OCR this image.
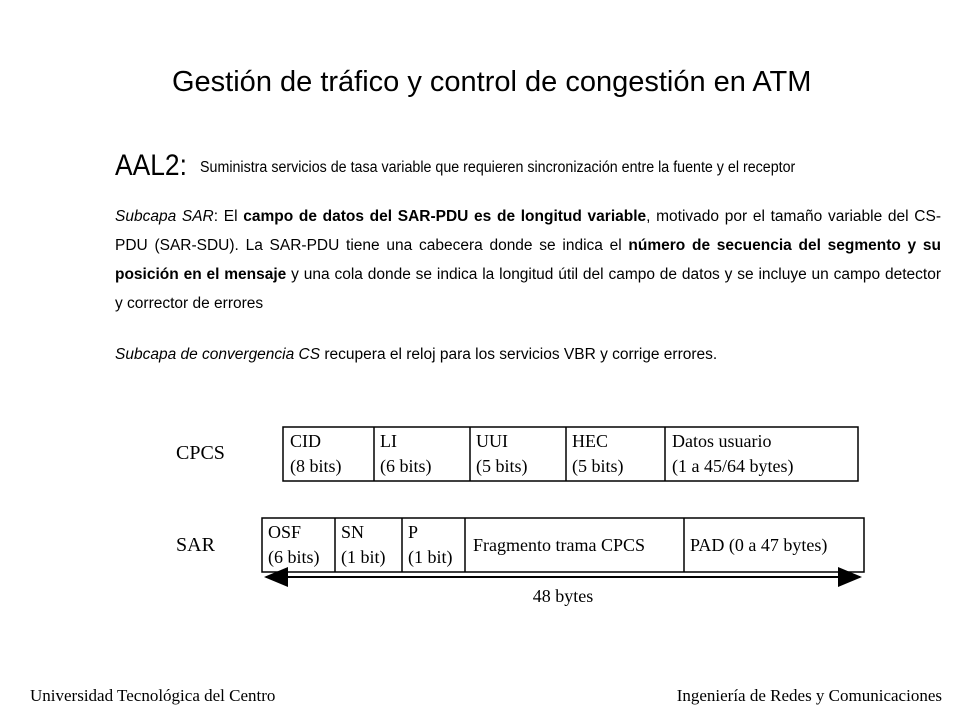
Gestión de tráfico y control de congestión en ATM
AAL2: Suministra servicios de tasa variable que requieren sincronización entre la fuente y el receptor
Subcapa SAR: El campo de datos del SAR-PDU es de longitud variable, motivado por el tamaño variable del CS-PDU (SAR-SDU). La SAR-PDU tiene una cabecera donde se indica el número de secuencia del segmento y su posición en el mensaje y una cola donde se indica la longitud útil del campo de datos y se incluye un campo detector y corrector de errores
Subcapa de convergencia CS recupera el reloj para los servicios VBR y corrige errores.
CPCS
CID
(8 bits)
LI
(6 bits)
UUI
(5 bits)
HEC
(5 bits)
Datos usuario
(1 a 45/64 bytes)
SAR
OSF
(6 bits)
SN
(1 bit)
P
(1 bit)
Fragmento trama CPCS	PAD (0 a 47 bytes)
48 bytes
Universidad Tecnológica del Centro	Ingeniería de Redes y Comunicaciones
